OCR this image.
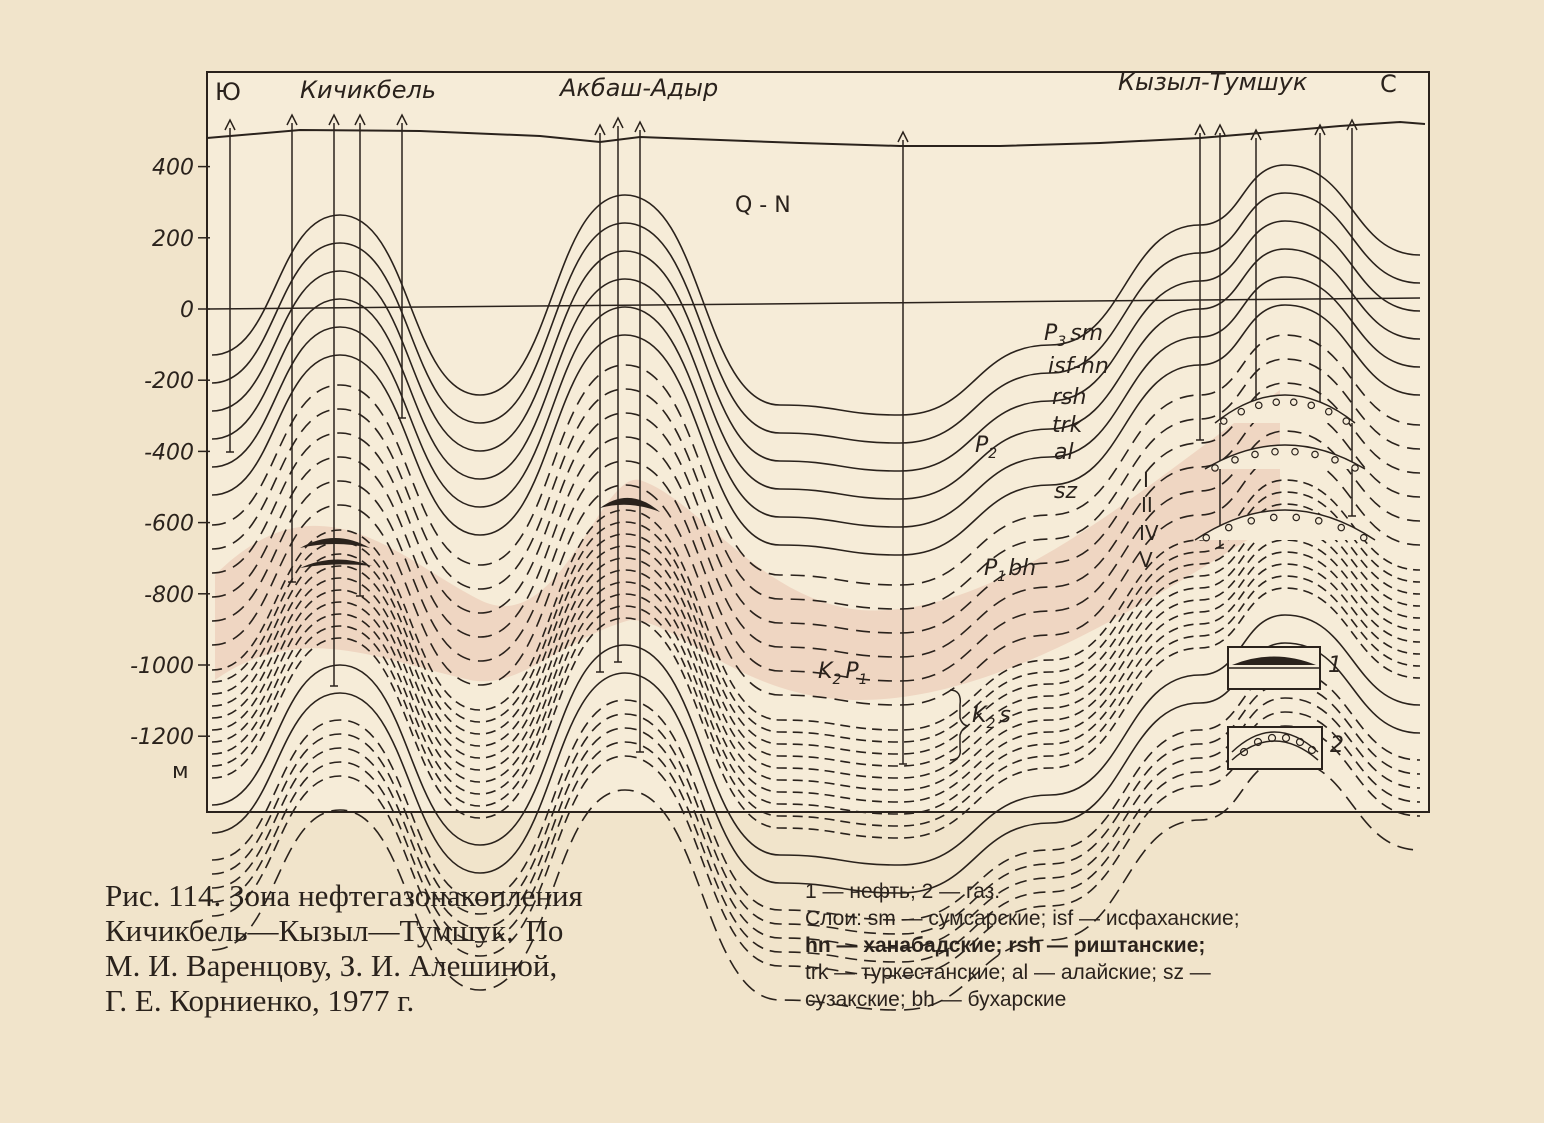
Ю	С
Кичикбель	Акбаш-Адыр	Кызыл-Тумшук
400
200
0
-200
-400
-600
-800
-1000
-1200
м
Q - N
$P_3$ sm
isf-hn
rsh
trk
$P_2$	al
sz	I
II
IV
V
$P_1bh$
$K_2$ $P_1$
$K_2$ s
1
2
Рис. 114. Зона нефтегазонакопления
Кичикбель—Кызыл—Тумшук. По
М. И. Варенцову, З. И. Алешиной,
Г. Е. Корниенко, 1977 г.
1 — нефть; 2 — газ.
Слои: sm — сумсарские; isf — исфаханские;
hn — ханабадские; rsh — риштанские;
trk — туркестанские; al — алайские; sz —
сузакские; bh — бухарские
